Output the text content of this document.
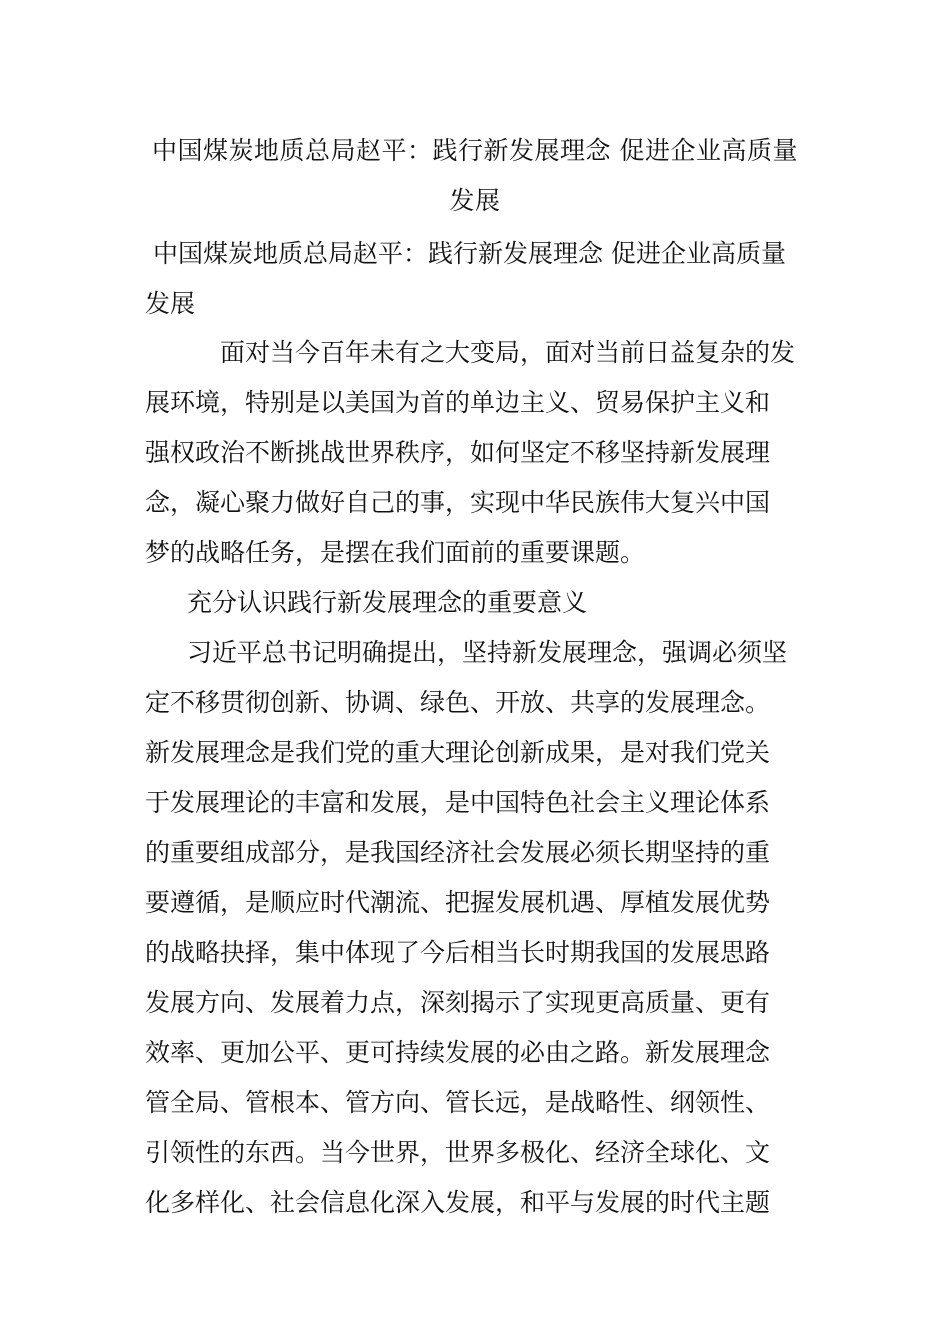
中国煤炭地质总局赵平：践行新发展理念 促进企业高质量
发展
中国煤炭地质总局赵平：践行新发展理念 促进企业高质量
发展
面对当今百年未有之大变局，面对当前日益复杂的发
展环境，特别是以美国为首的单边主义、贸易保护主义和
强权政治不断挑战世界秩序，如何坚定不移坚持新发展理
念，凝心聚力做好自己的事，实现中华民族伟大复兴中国
梦的战略任务，是摆在我们面前的重要课题。
充分认识践行新发展理念的重要意义
习近平总书记明确提出，坚持新发展理念，强调必须坚
定不移贯彻创新、协调、绿色、开放、共享的发展理念。
新发展理念是我们党的重大理论创新成果，是对我们党关
于发展理论的丰富和发展，是中国特色社会主义理论体系
的重要组成部分，是我国经济社会发展必须长期坚持的重
要遵循，是顺应时代潮流、把握发展机遇、厚植发展优势
的战略抉择，集中体现了今后相当长时期我国的发展思路
发展方向、发展着力点，深刻揭示了实现更高质量、更有
效率、更加公平、更可持续发展的必由之路。新发展理念
管全局、管根本、管方向、管长远，是战略性、纲领性、
引领性的东西。当今世界，世界多极化、经济全球化、文
化多样化、社会信息化深入发展，和平与发展的时代主题
